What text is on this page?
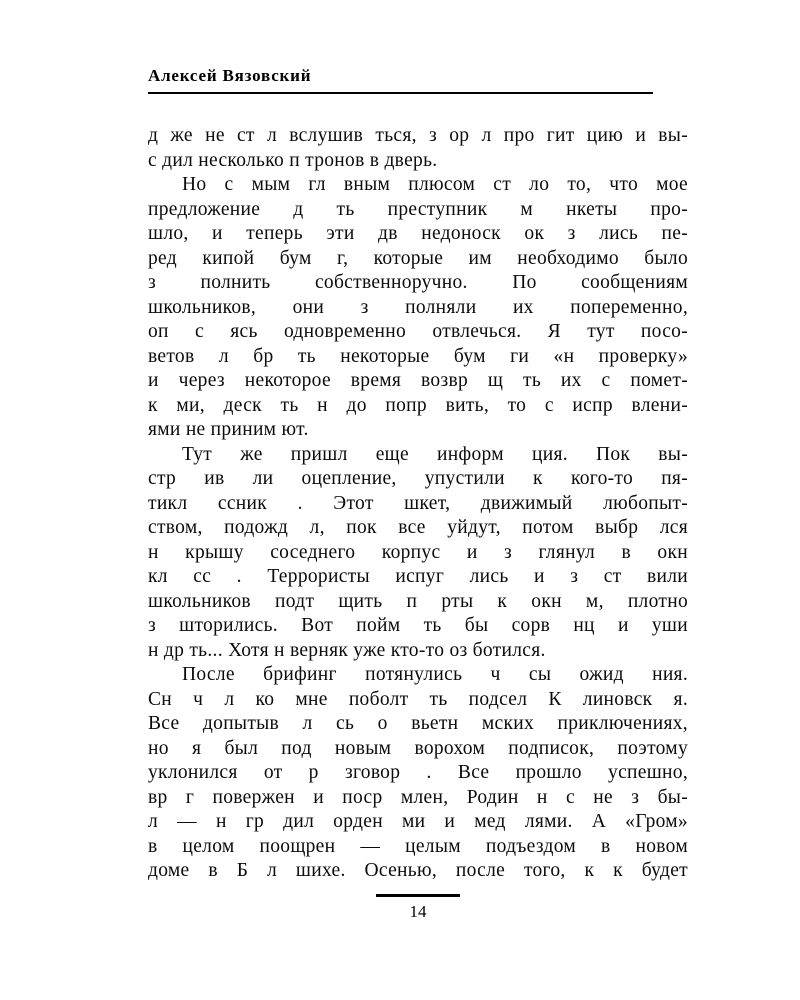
Алексей Вязовский
д же не ст л вслушив ться, з ор л про гит цию и вы-
с дил несколько п тронов в дверь.
Но с мым гл вным плюсом ст ло то, что мое
предложение д ть преступник м нкеты про-
шло, и теперь эти дв недоноск ок з лись пе-
ред кипой бум г, которые им необходимо было
з полнить собственноручно. По сообщениям
школьников, они з полняли их попеременно,
оп с ясь одновременно отвлечься. Я тут посо-
ветов л бр ть некоторые бум ги «н проверку»
и через некоторое время возвр щ ть их с помет-
к ми, деск ть н до попр вить, то с испр влени-
ями не приним ют.
Тут же пришл еще информ ция. Пок вы-
стр ив ли оцепление, упустили к кого-то пя-
тикл ссник . Этот шкет, движимый любопыт-
ством, подожд л, пок все уйдут, потом выбр лся
н крышу соседнего корпус и з глянул в окн
кл сс . Террористы испуг лись и з ст вили
школьников подт щить п рты к окн м, плотно
з шторились. Вот пойм ть бы сорв нц и уши
н др ть... Хотя н верняк уже кто-то оз ботился.
После брифинг потянулись ч сы ожид ния.
Сн ч л ко мне поболт ть подсел К линовск я.
Все допытыв л сь о вьетн мских приключениях,
но я был под новым ворохом подписок, поэтому
уклонился от р зговор . Все прошло успешно,
вр г повержен и поср млен, Родин н с не з бы-
л — н гр дил орден ми и мед лями. А «Гром»
в целом поощрен — целым подъездом в новом
доме в Б л шихе. Осенью, после того, к к будет
14
